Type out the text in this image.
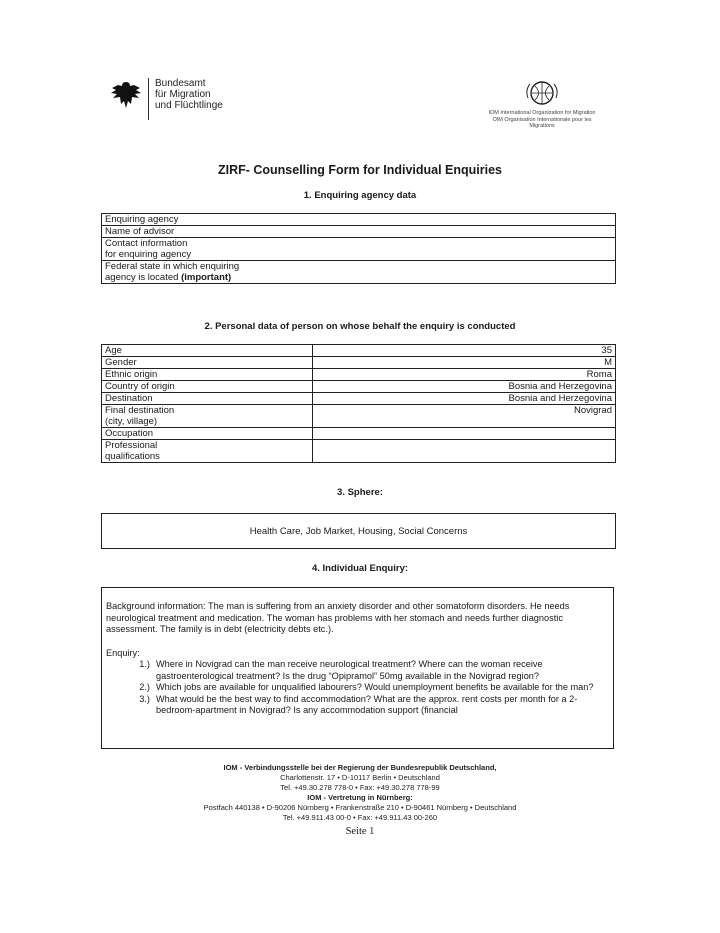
Bundesamt
für Migration
und Flüchtlinge
IOM International Organization for Migration
OIM Organisation Internationale pour les Migrations
ZIRF- Counselling Form for Individual Enquiries
1. Enquiring agency data
Enquiring agency
Name of advisor

Contact information
for enquiring agency

Federal state in which enquiring
agency is located (important)
2. Personal data of person on whose behalf the enquiry is conducted
Age	35
Gender	M
Ethnic origin	Roma
Country of origin	Bosnia and Herzegovina
Destination	Bosnia and Herzegovina

Final destination
(city, village)	Novigrad
Occupation	

Professional
qualifications	

3. Sphere:
Health Care, Job Market, Housing, Social Concerns
4. Individual Enquiry:

Background information: The man is suffering from an anxiety disorder and other somatoform disorders. He needs neurological treatment and medication. The woman has problems with her stomach and needs further diagnostic assessment. The family is in debt (electricity debts etc.).

Enquiry:

1.) Where in Novigrad can the man receive neurological treatment? Where can the woman receive gastroenterological treatment? Is the drug “Opipramol” 50mg available in the Novigrad region?
2.) Which jobs are available for unqualified labourers? Would unemployment benefits be available for the man?
3.) What would be the best way to find accommodation? What are the approx. rent costs per month for a 2-bedroom-apartment in Novigrad? Is any accommodation support (financial
IOM - Verbindungsstelle bei der Regierung der Bundesrepublik Deutschland,
Charlottenstr. 17 • D-10117 Berlin • Deutschland
Tel. +49.30.278 778-0 • Fax: +49.30.278 778-99
IOM - Vertretung in Nürnberg:
Postfach 440138 • D-90206 Nürnberg • Frankenstraße 210 • D-90461 Nürnberg • Deutschland
Tel. +49.911.43 00-0 • Fax: +49.911.43 00-260
Seite 1
